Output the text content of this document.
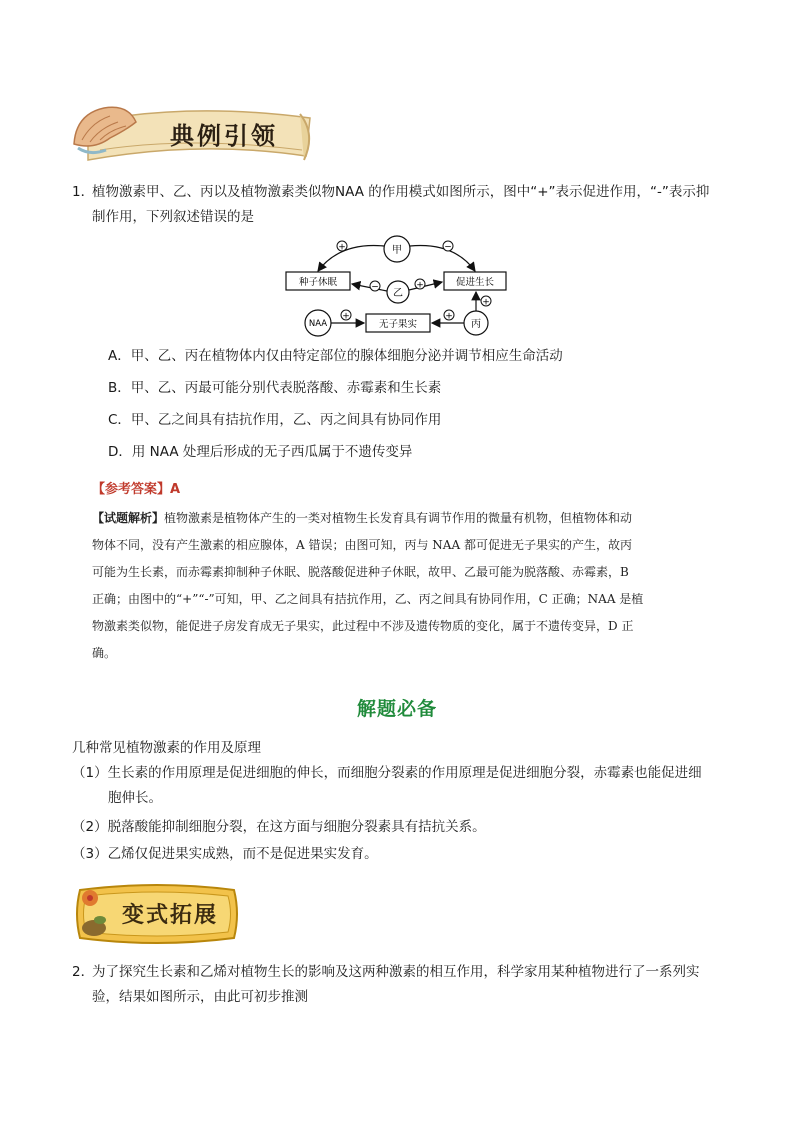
典例引领
1．
植物激素甲、乙、丙以及植物激素类似物NAA 的作用模式如图所示，图中“+”表示促进作用，“-”表示抑
制作用，下列叙述错误的是
甲
乙
丙
NAA
种子休眠	促进生长
无子果实
+	−
−	+
+	+
+
A．甲、乙、丙在植物体内仅由特定部位的腺体细胞分泌并调节相应生命活动
B．甲、乙、丙最可能分别代表脱落酸、赤霉素和生长素
C．甲、乙之间具有拮抗作用，乙、丙之间具有协同作用
D．用 NAA 处理后形成的无子西瓜属于不遗传变异
【参考答案】A
【试题解析】植物激素是植物体产生的一类对植物生长发育具有调节作用的微量有机物，但植物体和动
物体不同，没有产生激素的相应腺体，A 错误；由图可知，丙与 NAA 都可促进无子果实的产生，故丙
可能为生长素，而赤霉素抑制种子休眠、脱落酸促进种子休眠，故甲、乙最可能为脱落酸、赤霉素，B
正确；由图中的“+”“-”可知，甲、乙之间具有拮抗作用，乙、丙之间具有协同作用，C 正确；NAA 是植
物激素类似物，能促进子房发育成无子果实，此过程中不涉及遗传物质的变化，属于不遗传变异，D 正
确。
解题必备
几种常见植物激素的作用及原理
（1）生长素的作用原理是促进细胞的伸长，而细胞分裂素的作用原理是促进细胞分裂，赤霉素也能促进细
胞伸长。
（2）脱落酸能抑制细胞分裂，在这方面与细胞分裂素具有拮抗关系。
（3）乙烯仅促进果实成熟，而不是促进果实发育。
变式拓展
2．
为了探究生长素和乙烯对植物生长的影响及这两种激素的相互作用，科学家用某种植物进行了一系列实
验，结果如图所示，由此可初步推测
